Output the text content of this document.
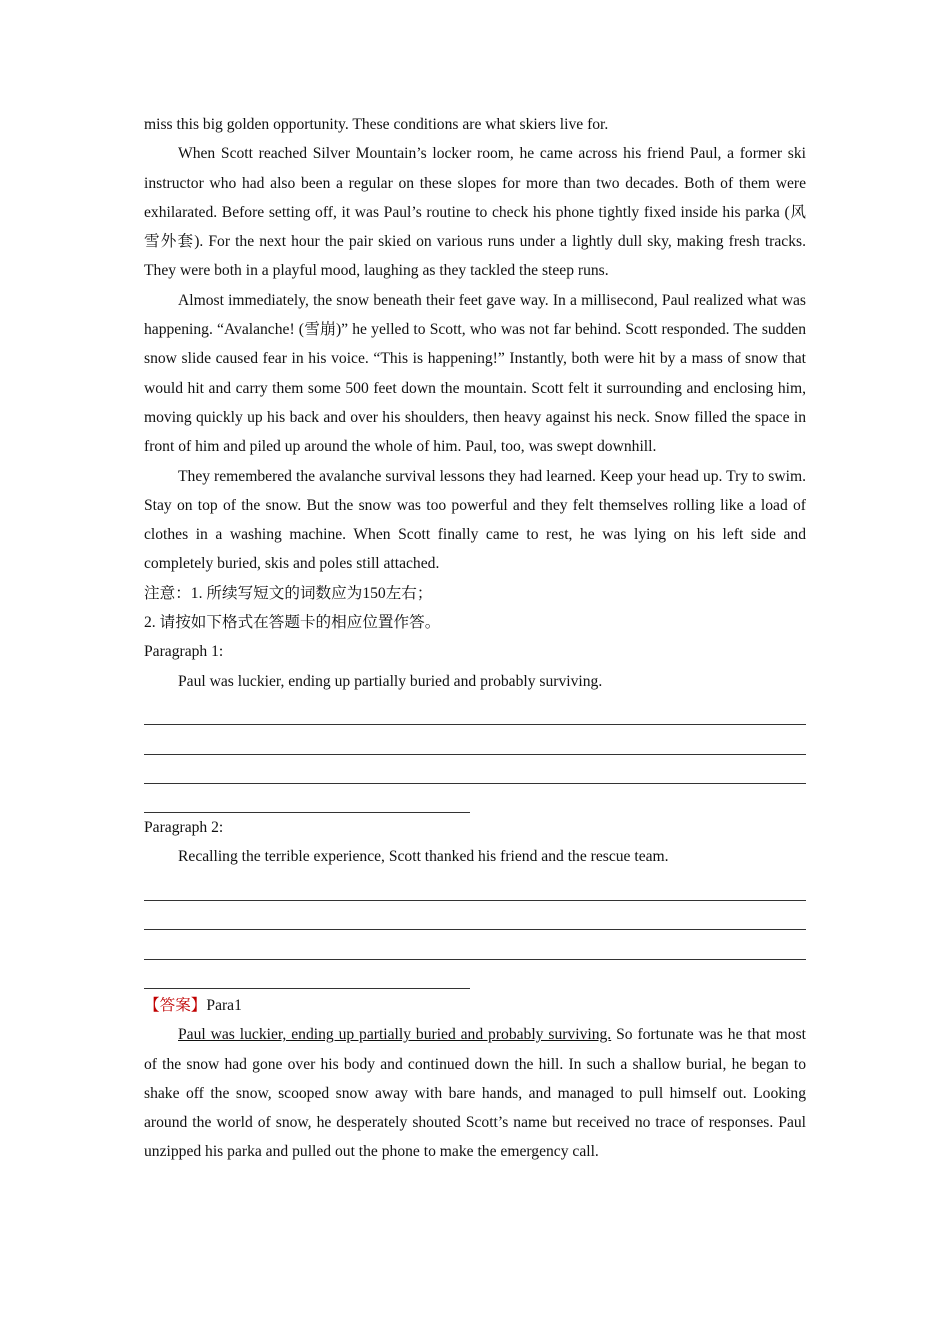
miss this big golden opportunity. These conditions are what skiers live for.

When Scott reached Silver Mountain’s locker room, he came across his friend Paul, a former ski instructor who had also been a regular on these slopes for more than two decades. Both of them were exhilarated. Before setting off, it was Paul’s routine to check his phone tightly fixed inside his parka (风 雪外套). For the next hour the pair skied on various runs under a lightly dull sky, making fresh tracks. They were both in a playful mood, laughing as they tackled the steep runs.

Almost immediately, the snow beneath their feet gave way. In a millisecond, Paul realized what was happening. “Avalanche! (雪崩)” he yelled to Scott, who was not far behind. Scott responded. The sudden snow slide caused fear in his voice. “This is happening!” Instantly, both were hit by a mass of snow that would hit and carry them some 500 feet down the mountain. Scott felt it surrounding and enclosing him, moving quickly up his back and over his shoulders, then heavy against his neck. Snow filled the space in front of him and piled up around the whole of him. Paul, too, was swept downhill.

They remembered the avalanche survival lessons they had learned. Keep your head up. Try to swim. Stay on top of the snow. But the snow was too powerful and they felt themselves rolling like a load of clothes in a washing machine. When Scott finally came to rest, he was lying on his left side and completely buried, skis and poles still attached.

注意：1. 所续写短文的词数应为150左右；

2. 请按如下格式在答题卡的相应位置作答。

Paragraph 1:

Paul was luckier, ending up partially buried and probably surviving.

Paragraph 2:

Recalling the terrible experience, Scott thanked his friend and the rescue team.

【答案】Para1

Paul was luckier, ending up partially buried and probably surviving. So fortunate was he that most of the snow had gone over his body and continued down the hill. In such a shallow burial, he began to shake off the snow, scooped snow away with bare hands, and managed to pull himself out. Looking around the world of snow, he desperately shouted Scott’s name but received no trace of responses. Paul unzipped his parka and pulled out the phone to make the emergency call.
